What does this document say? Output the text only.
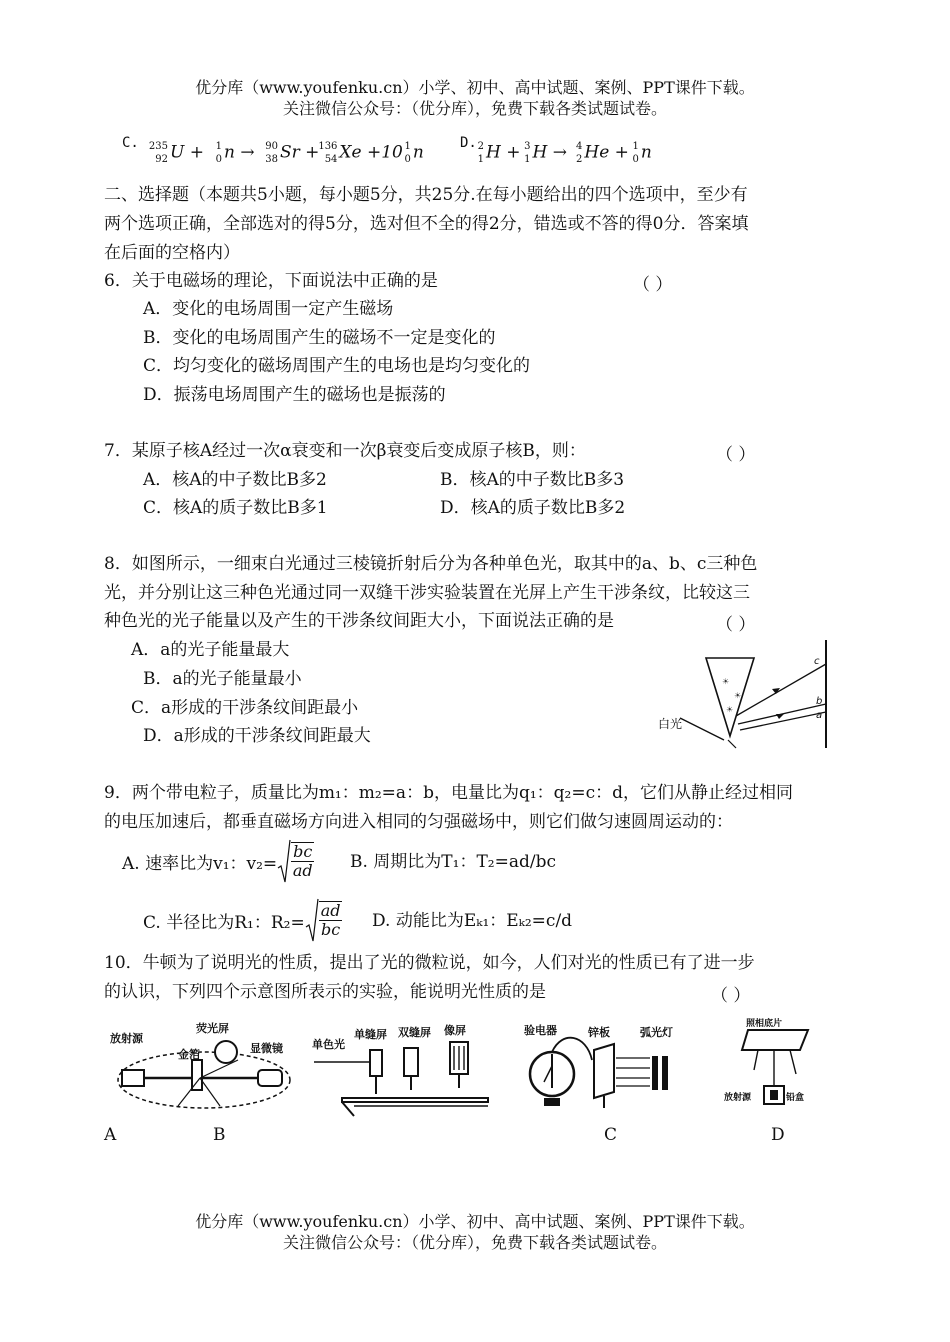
优分库（www.youfenku.cn）小学、初中、高中试题、案例、PPT课件下载。
关注微信公众号：（优分库），免费下载各类试题试卷。
C. 235
92 U + 1
0 n → 90
38 Sr +
136
54 Xe +10 1
0 n	D. 2
1 H + 3
1 H → 4
2 He + 1
0 n
二、选择题（本题共5小题，每小题5分，共25分.在每小题给出的四个选项中，至少有
两个选项正确，全部选对的得5分，选对但不全的得2分，错选或不答的得0分．答案填
在后面的空格内）
6．关于电磁场的理论，下面说法中正确的是	（ ）
A．变化的电场周围一定产生磁场
B．变化的电场周围产生的磁场不一定是变化的
C．均匀变化的磁场周围产生的电场也是均匀变化的
D．振荡电场周围产生的磁场也是振荡的
7．某原子核A经过一次α衰变和一次β衰变后变成原子核B，则：	（ ）
A．核A的中子数比B多2	B．核A的中子数比B多3
C．核A的质子数比B多1	D．核A的质子数比B多2
8．如图所示，一细束白光通过三棱镜折射后分为各种单色光，取其中的a、b、c三种色
光，并分别让这三种色光通过同一双缝干涉实验装置在光屏上产生干涉条纹，比较这三
种色光的光子能量以及产生的干涉条纹间距大小，下面说法正确的是	（ ）
A．a的光子能量最大
B．a的光子能量最小
C．a形成的干涉条纹间距最小
D．a形成的干涉条纹间距最大
☀
☀
☀
白光
a
b
c
9．两个带电粒子，质量比为m₁：m₂=a：b，电量比为q₁：q₂=c：d，它们从静止经过相同
的电压加速后，都垂直磁场方向进入相同的匀强磁场中，则它们做匀速圆周运动的：
A. 速率比为v₁：$v_2= \frac{bc}{ad} B$. 周期比为T₁：T₂=ad/bc
C. 半径比为R₁：$R_2= \frac{ad}{bc} D$. 动能比为Eₖ₁：Eₖ₂=c/d
10．牛顿为了说明光的性质，提出了光的微粒说，如今，人们对光的性质已有了进一步
的认识，下列四个示意图所表示的实验，能说明光性质的是	（ ）
放射源
荧光屏
金箔	显微镜	单色光
单缝屏 双缝屏 像屏	验电器	锌板	弧光灯
照相底片
放射源	铅盒
A	B	C	D
优分库（www.youfenku.cn）小学、初中、高中试题、案例、PPT课件下载。
关注微信公众号：（优分库），免费下载各类试题试卷。
